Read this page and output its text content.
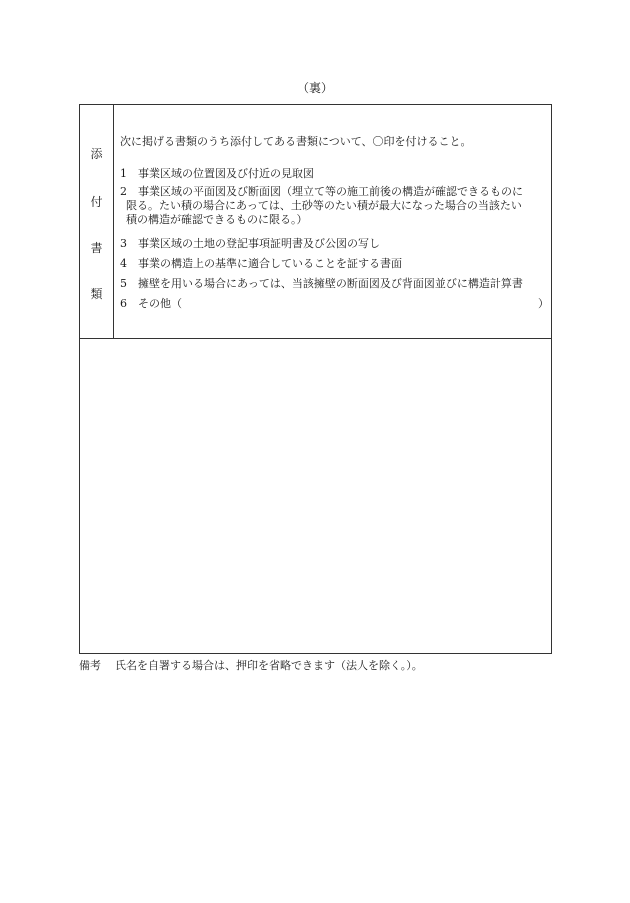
（裏）
添
付
書
類
次に掲げる書類のうち添付してある書類について、〇印を付けること。
1 事業区域の位置図及び付近の見取図
2 事業区域の平面図及び断面図（埋立て等の施工前後の構造が確認できるものに
限る。たい積の場合にあっては、土砂等のたい積が最大になった場合の当該たい
積の構造が確認できるものに限る。）
3 事業区域の土地の登記事項証明書及び公図の写し
4 事業の構造上の基準に適合していることを証する書面
5 擁壁を用いる場合にあっては、当該擁壁の断面図及び背面図並びに構造計算書
6 その他（	）
備考 氏名を自署する場合は、押印を省略できます（法人を除く。）。
